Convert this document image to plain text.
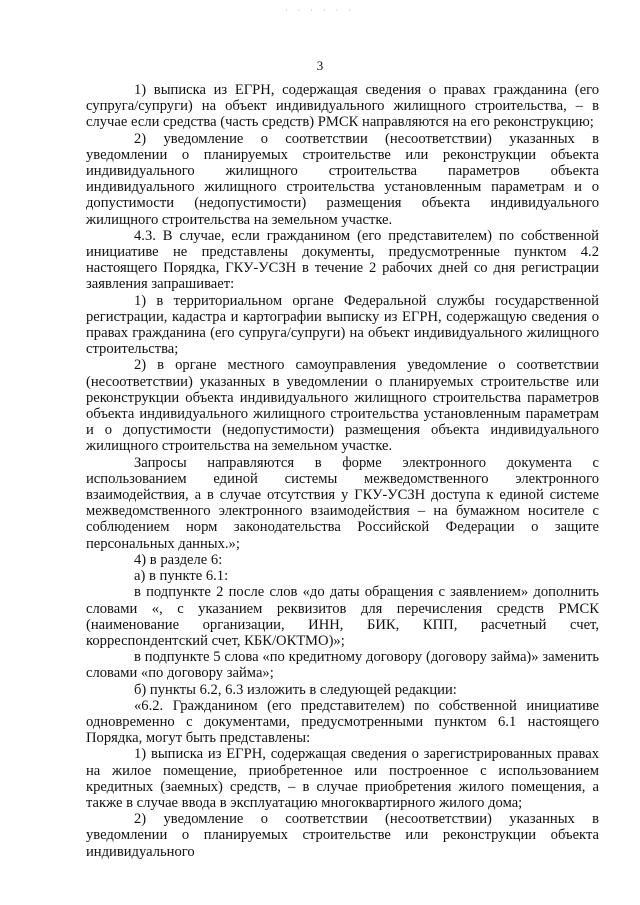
· · · · · ·
3

1) выписка из ЕГРН, содержащая сведения о правах гражданина (его супруга/супруги) на объект индивидуального жилищного строительства, – в случае если средства (часть средств) РМСК направляются на его реконструкцию;

2) уведомление о соответствии (несоответствии) указанных в уведомлении о планируемых строительстве или реконструкции объекта индивидуального жилищного строительства параметров объекта индивидуального жилищного строительства установленным параметрам и о допустимости (недопустимости) размещения объекта индивидуального жилищного строительства на земельном участке.

4.3. В случае, если гражданином (его представителем) по собственной инициативе не представлены документы, предусмотренные пунктом 4.2 настоящего Порядка, ГКУ-УСЗН в течение 2 рабочих дней со дня регистрации заявления запрашивает:

1) в территориальном органе Федеральной службы государственной регистрации, кадастра и картографии выписку из ЕГРН, содержащую сведения о правах гражданина (его супруга/супруги) на объект индивидуального жилищного строительства;

2) в органе местного самоуправления уведомление о соответствии (несоответствии) указанных в уведомлении о планируемых строительстве или реконструкции объекта индивидуального жилищного строительства параметров объекта индивидуального жилищного строительства установленным параметрам и о допустимости (недопустимости) размещения объекта индивидуального жилищного строительства на земельном участке.

Запросы направляются в форме электронного документа с использованием единой системы межведомственного электронного взаимодействия, а в случае отсутствия у ГКУ-УСЗН доступа к единой системе межведомственного электронного взаимодействия – на бумажном носителе с соблюдением норм законодательства Российской Федерации о защите персональных данных.»;

4) в разделе 6:

а) в пункте 6.1:

в подпункте 2 после слов «до даты обращения с заявлением» дополнить словами «, с указанием реквизитов для перечисления средств РМСК (наименование организации, ИНН, БИК, КПП, расчетный счет, корреспондентский счет, КБК/ОКТМО)»;

в подпункте 5 слова «по кредитному договору (договору займа)» заменить словами «по договору займа»;

б) пункты 6.2, 6.3 изложить в следующей редакции:

«6.2. Гражданином (его представителем) по собственной инициативе одновременно с документами, предусмотренными пунктом 6.1 настоящего Порядка, могут быть представлены:

1) выписка из ЕГРН, содержащая сведения о зарегистрированных правах на жилое помещение, приобретенное или построенное с использованием кредитных (заемных) средств, – в случае приобретения жилого помещения, а также в случае ввода в эксплуатацию многоквартирного жилого дома;

2) уведомление о соответствии (несоответствии) указанных в уведомлении о планируемых строительстве или реконструкции объекта индивидуального
